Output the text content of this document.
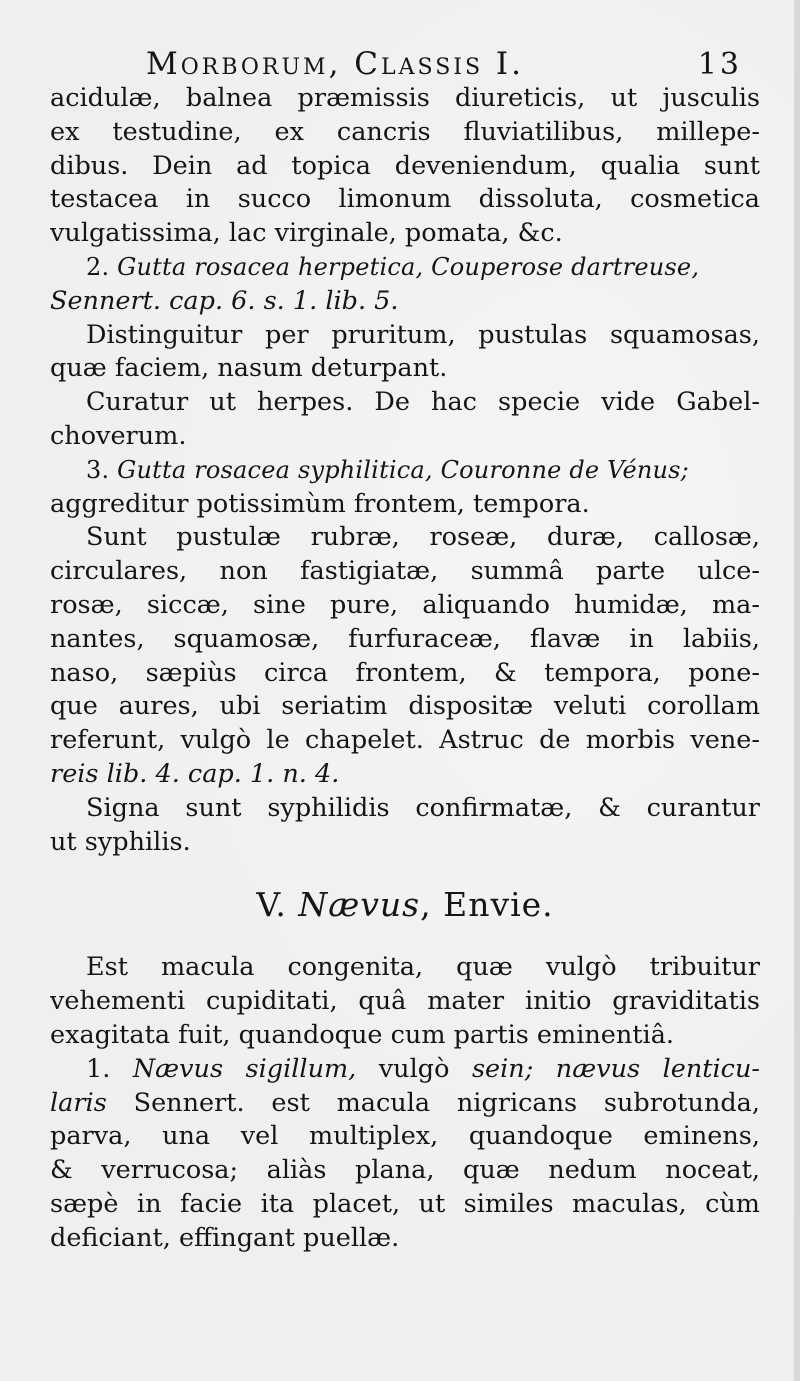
Morborum, Classis I.	13
acidulæ, balnea præmissis diureticis, ut jusculis
ex testudine, ex cancris fluviatilibus, millepe-
dibus. Dein ad topica deveniendum, qualia sunt
testacea in succo limonum dissoluta, cosmetica
vulgatissima, lac virginale, pomata, &c.
2. Gutta rosacea herpetica, Couperose dartreuse,
Sennert. cap. 6. s. 1. lib. 5.
Distinguitur per pruritum, pustulas squamosas,
quæ faciem, nasum deturpant.
Curatur ut herpes. De hac specie vide Gabel-
choverum.
3. Gutta rosacea syphilitica, Couronne de Vénus;
aggreditur potissimùm frontem, tempora.
Sunt pustulæ rubræ, roseæ, duræ, callosæ,
circulares, non fastigiatæ, summâ parte ulce-
rosæ, siccæ, sine pure, aliquando humidæ, ma-
nantes, squamosæ, furfuraceæ, flavæ in labiis,
naso, sæpiùs circa frontem, & tempora, pone-
que aures, ubi seriatim dispositæ veluti corollam
referunt, vulgò le chapelet. Astruc de morbis vene-
reis lib. 4. cap. 1. n. 4.
Signa sunt syphilidis confirmatæ, & curantur
ut syphilis.
V. Nævus, Envie.
Est macula congenita, quæ vulgò tribuitur
vehementi cupiditati, quâ mater initio graviditatis
exagitata fuit, quandoque cum partis eminentiâ.
1. Nævus sigillum, vulgò sein; nævus lenticu-
laris Sennert. est macula nigricans subrotunda,
parva, una vel multiplex, quandoque eminens,
& verrucosa; aliàs plana, quæ nedum noceat,
sæpè in facie ita placet, ut similes maculas, cùm
deficiant, effingant puellæ.
